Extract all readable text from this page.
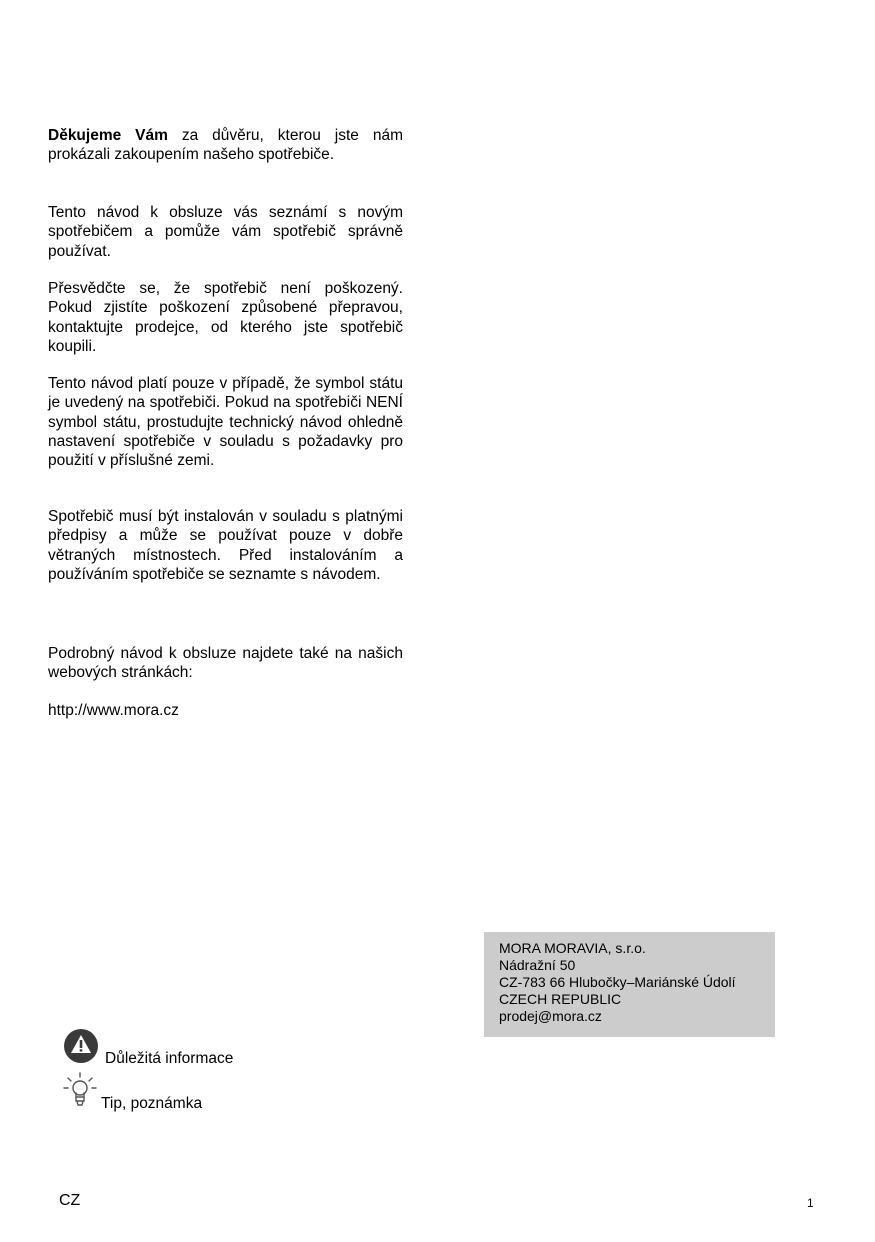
Děkujeme Vám za důvěru, kterou jste nám prokázali zakoupením našeho spotřebiče.

Tento návod k obsluze vás seznámí s novým spotřebičem a pomůže vám spotřebič správně používat.

Přesvědčte se, že spotřebič není poškozený. Pokud zjistíte poškození způsobené přepravou, kontaktujte prodejce, od kterého jste spotřebič koupili.

Tento návod platí pouze v případě, že symbol státu je uvedený na spotřebiči. Pokud na spotřebiči NENÍ symbol státu, prostudujte technický návod ohledně nastavení spotřebiče v souladu s požadavky pro použití v příslušné zemi.

Spotřebič musí být instalován v souladu s platnými předpisy a může se používat pouze v dobře větraných místnostech. Před instalováním a používáním spotřebiče se seznamte s návodem.

Podrobný návod k obsluze najdete také na našich webových stránkách:

http://www.mora.cz

MORA MORAVIA, s.r.o.
Nádražní 50
CZ-783 66 Hlubočky–Mariánské Údolí
CZECH REPUBLIC
prodej@mora.cz
Důležitá informace
Tip, poznámka
CZ	1
